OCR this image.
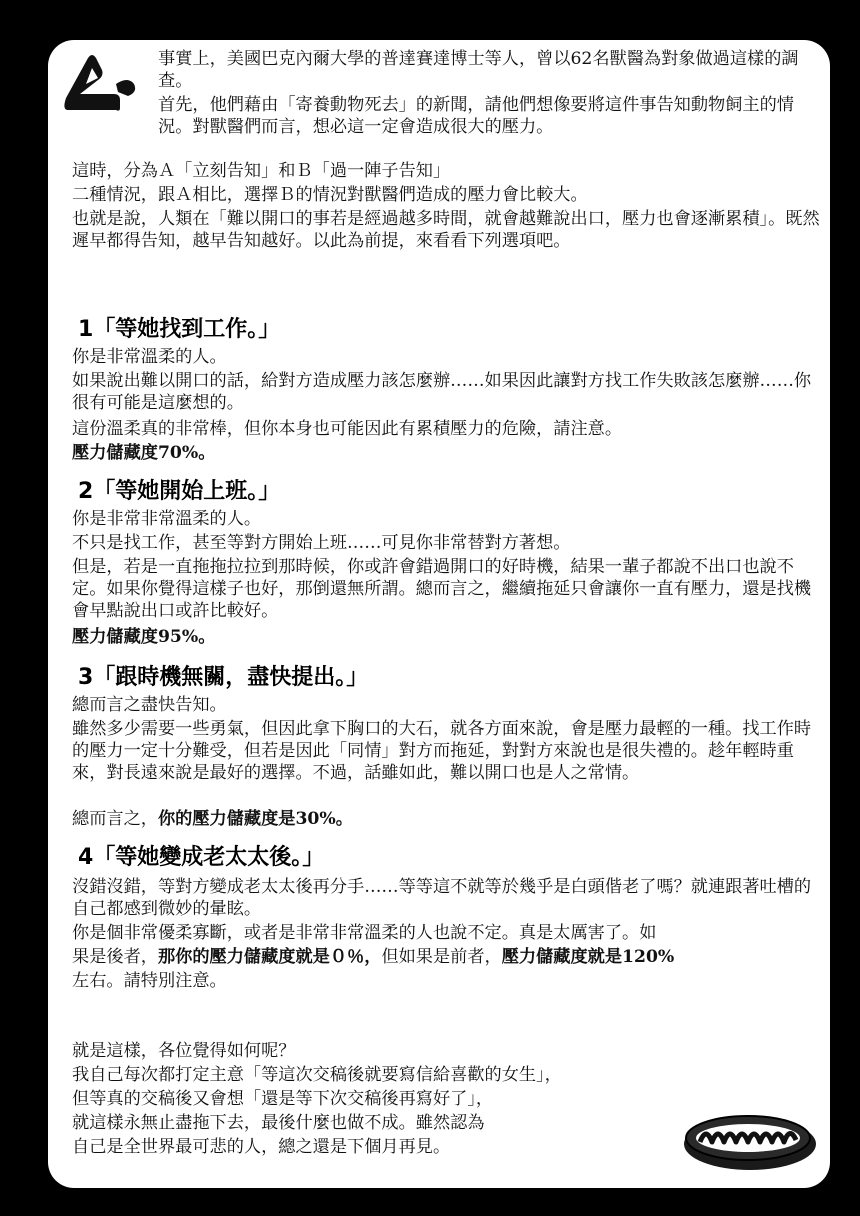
事實上，美國巴克內爾大學的普達賽達博士等人，曾以62名獸醫為對象做過這樣的調查。
首先，他們藉由「寄養動物死去」的新聞，請他們想像要將這件事告知動物飼主的情況。對獸醫們而言，想必這一定會造成很大的壓力。
這時，分為Ａ「立刻告知」和Ｂ「過一陣子告知」
二種情況，跟Ａ相比，選擇Ｂ的情況對獸醫們造成的壓力會比較大。
也就是說，人類在「難以開口的事若是經過越多時間，就會越難說出口，壓力也會逐漸累積」。既然遲早都得告知，越早告知越好。以此為前提，來看看下列選項吧。
1「等她找到工作。」
你是非常溫柔的人。
如果說出難以開口的話，給對方造成壓力該怎麼辦……如果因此讓對方找工作失敗該怎麼辦……你很有可能是這麼想的。
這份溫柔真的非常棒，但你本身也可能因此有累積壓力的危險，請注意。
壓力儲藏度70%。
2「等她開始上班。」
你是非常非常溫柔的人。
不只是找工作，甚至等對方開始上班……可見你非常替對方著想。
但是，若是一直拖拖拉拉到那時候，你或許會錯過開口的好時機，結果一輩子都說不出口也說不定。如果你覺得這樣子也好，那倒還無所謂。總而言之，繼續拖延只會讓你一直有壓力，還是找機會早點說出口或許比較好。
壓力儲藏度95%。
3「跟時機無關，盡快提出。」
總而言之盡快告知。
雖然多少需要一些勇氣，但因此拿下胸口的大石，就各方面來說，會是壓力最輕的一種。找工作時的壓力一定十分難受，但若是因此「同情」對方而拖延，對對方來說也是很失禮的。趁年輕時重來，對長遠來說是最好的選擇。不過，話雖如此，難以開口也是人之常情。
總而言之，你的壓力儲藏度是30%。
4「等她變成老太太後。」
沒錯沒錯，等對方變成老太太後再分手……等等這不就等於幾乎是白頭偕老了嗎？就連跟著吐槽的自己都感到微妙的暈眩。
你是個非常優柔寡斷，或者是非常非常溫柔的人也說不定。真是太厲害了。如
果是後者，那你的壓力儲藏度就是０％，但如果是前者，壓力儲藏度就是120%
左右。請特別注意。
就是這樣，各位覺得如何呢？
我自己每次都打定主意「等這次交稿後就要寫信給喜歡的女生」，
但等真的交稿後又會想「還是等下次交稿後再寫好了」，
就這樣永無止盡拖下去，最後什麼也做不成。雖然認為
自己是全世界最可悲的人，總之還是下個月再見。
